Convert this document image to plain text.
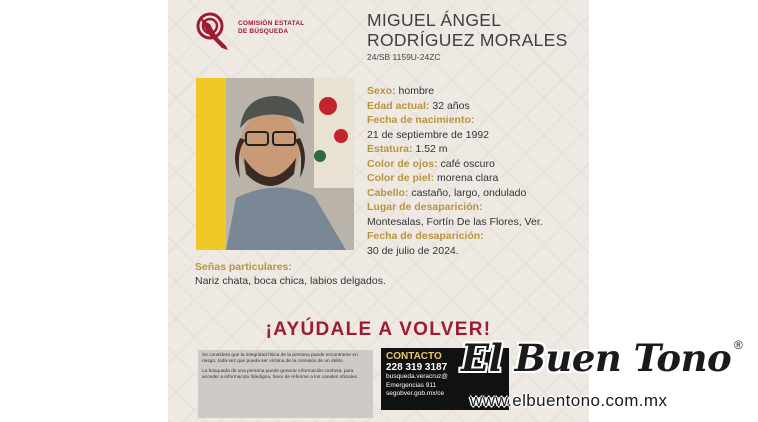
COMISIÓN ESTATAL
DE BÚSQUEDA
MIGUEL ÁNGEL
RODRÍGUEZ MORALES
24/SB 1159U-24ZC
Sexo: hombre
Edad actual: 32 años
Fecha de nacimiento:
21 de septiembre de 1992
Estatura: 1.52 m
Color de ojos: café oscuro
Color de piel: morena clara
Cabello: castaño, largo, ondulado
Lugar de desaparición:
Montesalas, Fortín De las Flores, Ver.
Fecha de desaparición:
30 de julio de 2024.
Señas particulares:
Nariz chata, boca chica, labios delgados.
¡AYÚDALE A VOLVER!

Se considera que la integridad física de la persona puede encontrarse en riesgo, toda vez que pueda ser víctima de la comisión de un delito.

La búsqueda de una persona puede generar información confusa, para acceder a información fidedigna, favor de referirse a los canales oficiales.

CONTACTO
228 319 3187
busqueda.veracruz@
Emergencias 911
segobver.gob.mx/ce
El Buen Tono ®
www.elbuentono.com.mx
